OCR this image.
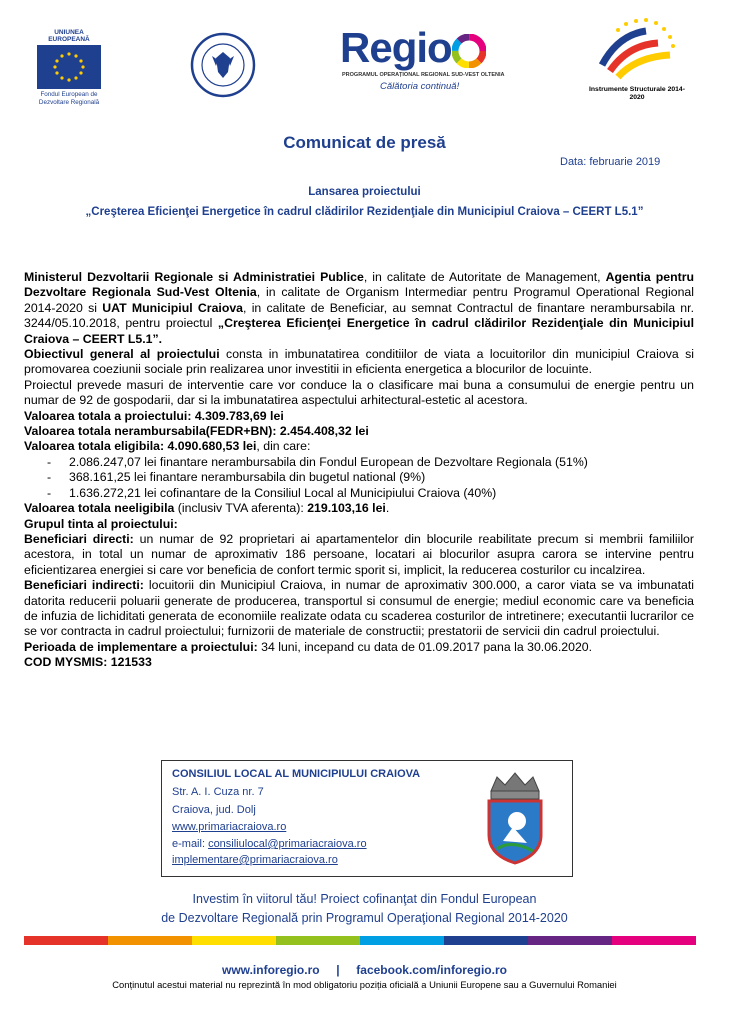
UNIUNEA EUROPEANĂ
Fondul European de Dezvoltare Regională
Regio
PROGRAMUL OPERAȚIONAL REGIONAL SUD-VEST OLTENIA
Călătoria continuă!	Instrumente Structurale 2014-2020
Comunicat de presă
Data: februarie 2019
Lansarea proiectului
„Creşterea Eficienţei Energetice în cadrul clădirilor Rezidenţiale din Municipiul Craiova – CEERT L5.1”

Ministerul Dezvoltarii Regionale si Administratiei Publice, in calitate de Autoritate de Management, Agentia pentru Dezvoltare Regionala Sud-Vest Oltenia, in calitate de Organism Intermediar pentru Programul Operational Regional 2014-2020 si UAT Municipiul Craiova, in calitate de Beneficiar, au semnat Contractul de finantare nerambursabila nr. 3244/05.10.2018, pentru proiectul „Creşterea Eficienţei Energetice în cadrul clădirilor Rezidenţiale din Municipiul Craiova – CEERT L5.1”.

Obiectivul general al proiectului consta in imbunatatirea conditiilor de viata a locuitorilor din municipiul Craiova si promovarea coeziunii sociale prin realizarea unor investitii in eficienta energetica a blocurilor de locuinte.

Proiectul prevede masuri de interventie care vor conduce la o clasificare mai buna a consumului de energie pentru un numar de 92 de gospodarii, dar si la imbunatatirea aspectului arhitectural-estetic al acestora.

Valoarea totala a proiectului: 4.309.783,69 lei

Valoarea totala nerambursabila(FEDR+BN): 2.454.408,32 lei

Valoarea totala eligibila: 4.090.680,53 lei, din care:

- 2.086.247,07 lei finantare nerambursabila din Fondul European de Dezvoltare Regionala (51%)
- 368.161,25 lei finantare nerambursabila din bugetul national (9%)
- 1.636.272,21 lei cofinantare de la Consiliul Local al Municipiului Craiova (40%)

Valoarea totala neeligibila (inclusiv TVA aferenta): 219.103,16 lei.

Grupul tinta al proiectului:

Beneficiari directi: un numar de 92 proprietari ai apartamentelor din blocurile reabilitate precum si membrii familiilor acestora, in total un numar de aproximativ 186 persoane, locatari ai blocurilor asupra carora se intervine pentru eficientizarea energiei si care vor beneficia de confort termic sporit si, implicit, la reducerea costurilor cu incalzirea.

Beneficiari indirecti: locuitorii din Municipiul Craiova, in numar de aproximativ 300.000, a caror viata se va imbunatati datorita reducerii poluarii generate de producerea, transportul si consumul de energie; mediul economic care va beneficia de infuzia de lichiditati generata de economiile realizate odata cu scaderea costurilor de intretinere; executantii lucrarilor ce se vor contracta in cadrul proiectului; furnizorii de materiale de constructii; prestatorii de servicii din cadrul proiectului.

Perioada de implementare a proiectului: 34 luni, incepand cu data de 01.09.2017 pana la 30.06.2020.

COD MYSMIS: 121533

CONSILIUL LOCAL AL MUNICIPIULUI CRAIOVA
Str. A. I. Cuza nr. 7
Craiova, jud. Dolj
www.primariacraiova.ro
e-mail: consiliulocal@primariacraiova.ro
implementare@primariacraiova.ro
Investim în viitorul tău! Proiect cofinanţat din Fondul European
de Dezvoltare Regională prin Programul Operaţional Regional 2014-2020
www.inforegio.ro | facebook.com/inforegio.ro
Conținutul acestui material nu reprezintă în mod obligatoriu poziția oficială a Uniunii Europene sau a Guvernului Romaniei
